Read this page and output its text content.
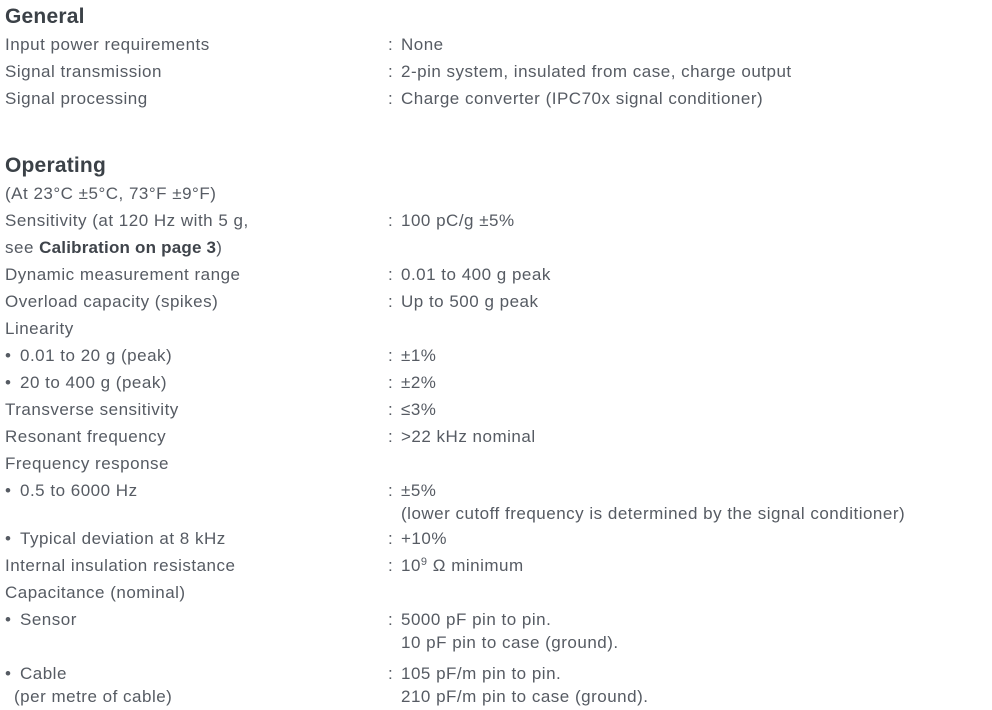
General
Input power requirements	: None
Signal transmission	: 2-pin system, insulated from case, charge output
Signal processing	: Charge converter (IPC70x signal conditioner)
Operating
(At 23°C ±5°C, 73°F ±9°F)
Sensitivity (at 120 Hz with 5 g,
see Calibration on page 3)
: 100 pC/g ±5%
Dynamic measurement range	: 0.01 to 400 g peak
Overload capacity (spikes)	: Up to 500 g peak
Linearity
• 0.01 to 20 g (peak)	: ±1%
• 20 to 400 g (peak)	: ±2%
Transverse sensitivity	: ≤3%
Resonant frequency	: >22 kHz nominal
Frequency response
• 0.5 to 6000 Hz	: ±5%
(lower cutoff frequency is determined by the signal conditioner)
• Typical deviation at 8 kHz	: +10%
Internal insulation resistance	: $10^9$ Ω minimum
Capacitance (nominal)
• Sensor	: 5000 pF pin to pin.
10 pF pin to case (ground).
• Cable
(per metre of cable)
: 105 pF/m pin to pin.
210 pF/m pin to case (ground).
